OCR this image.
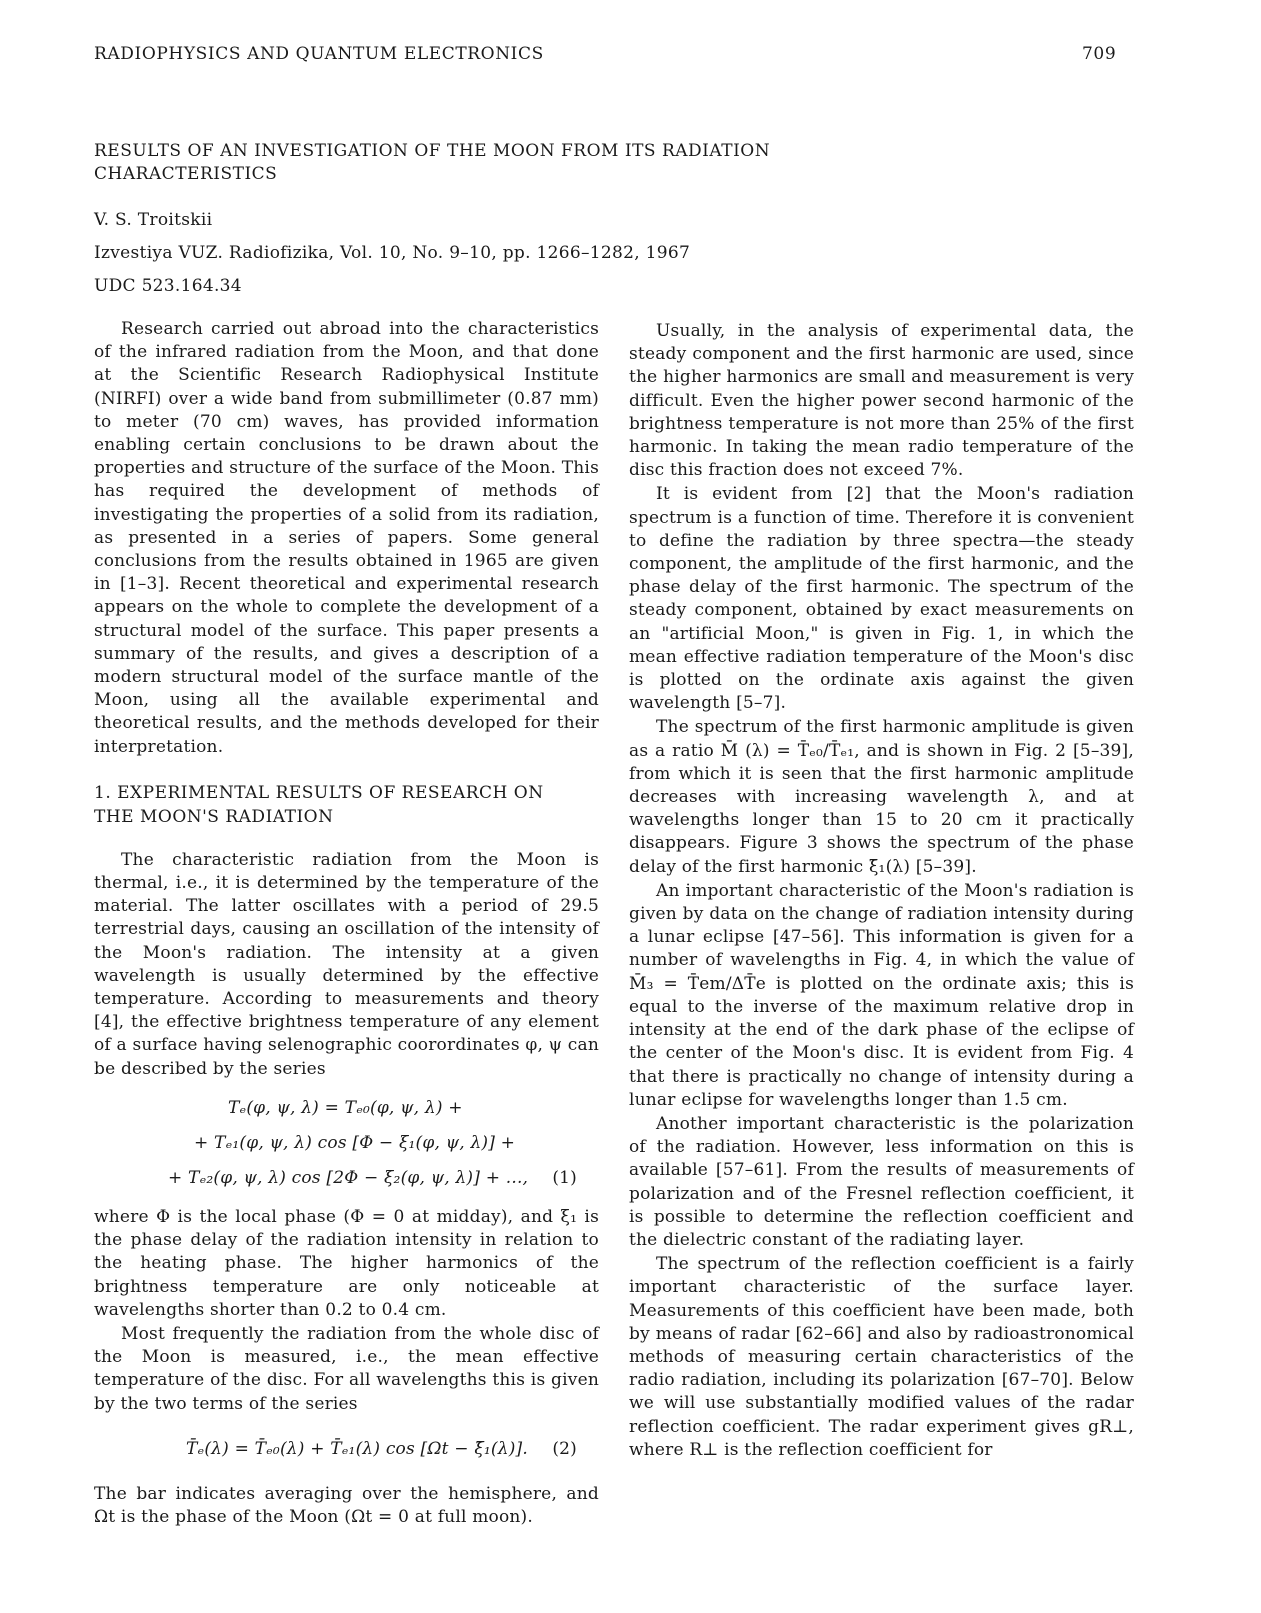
RADIOPHYSICS AND QUANTUM ELECTRONICS	709
RESULTS OF AN INVESTIGATION OF THE MOON FROM ITS RADIATION
CHARACTERISTICS
V. S. Troitskii
Izvestiya VUZ. Radiofizika, Vol. 10, No. 9–10, pp. 1266–1282, 1967
UDC 523.164.34

Research carried out abroad into the characteristics of the infrared radiation from the Moon, and that done at the Scientific Research Radiophysical Institute (NIRFI) over a wide band from submillimeter (0.87 mm) to meter (70 cm) waves, has provided information enabling certain conclusions to be drawn about the properties and structure of the surface of the Moon. This has required the development of methods of investigating the properties of a solid from its radiation, as presented in a series of papers. Some general conclusions from the results obtained in 1965 are given in [1–3]. Recent theoretical and experimental research appears on the whole to complete the development of a structural model of the surface. This paper presents a summary of the results, and gives a description of a modern structural model of the surface mantle of the Moon, using all the available experimental and theoretical results, and the methods developed for their interpretation.

1. EXPERIMENTAL RESULTS OF RESEARCH ON
THE MOON'S RADIATION

The characteristic radiation from the Moon is thermal, i.e., it is determined by the temperature of the material. The latter oscillates with a period of 29.5 terrestrial days, causing an oscillation of the intensity of the Moon's radiation. The intensity at a given wavelength is usually determined by the effective temperature. According to measurements and theory [4], the effective brightness temperature of any element of a surface having selenographic coorordinates φ, ψ can be described by the series

Tₑ(φ, ψ, λ) = Tₑ₀(φ, ψ, λ) +
+ Tₑ₁(φ, ψ, λ) cos [Φ − ξ₁(φ, ψ, λ)] +
+ Tₑ₂(φ, ψ, λ) cos [2Φ − ξ₂(φ, ψ, λ)] + ..., (1)

where Φ is the local phase (Φ = 0 at midday), and ξ₁ is the phase delay of the radiation intensity in relation to the heating phase. The higher harmonics of the brightness temperature are only noticeable at wavelengths shorter than 0.2 to 0.4 cm.

Most frequently the radiation from the whole disc of the Moon is measured, i.e., the mean effective temperature of the disc. For all wavelengths this is given by the two terms of the series

T̄ₑ(λ) = T̄ₑ₀(λ) + T̄ₑ₁(λ) cos [Ωt − ξ̄₁(λ)]. (2)

The bar indicates averaging over the hemisphere, and Ωt is the phase of the Moon (Ωt = 0 at full moon).

Usually, in the analysis of experimental data, the steady component and the first harmonic are used, since the higher harmonics are small and measurement is very difficult. Even the higher power second harmonic of the brightness temperature is not more than 25% of the first harmonic. In taking the mean radio temperature of the disc this fraction does not exceed 7%.

It is evident from [2] that the Moon's radiation spectrum is a function of time. Therefore it is convenient to define the radiation by three spectra—the steady component, the amplitude of the first harmonic, and the phase delay of the first harmonic. The spectrum of the steady component, obtained by exact measurements on an "artificial Moon," is given in Fig. 1, in which the mean effective radiation temperature of the Moon's disc is plotted on the ordinate axis against the given wavelength [5–7].

The spectrum of the first harmonic amplitude is given as a ratio M̄ (λ) = T̄ₑ₀/T̄ₑ₁, and is shown in Fig. 2 [5–39], from which it is seen that the first harmonic amplitude decreases with increasing wavelength λ, and at wavelengths longer than 15 to 20 cm it practically disappears. Figure 3 shows the spectrum of the phase delay of the first harmonic ξ̄₁(λ) [5–39].

An important characteristic of the Moon's radiation is given by data on the change of radiation intensity during a lunar eclipse [47–56]. This information is given for a number of wavelengths in Fig. 4, in which the value of M̄₃ = T̄em/ΔT̄e is plotted on the ordinate axis; this is equal to the inverse of the maximum relative drop in intensity at the end of the dark phase of the eclipse of the center of the Moon's disc. It is evident from Fig. 4 that there is practically no change of intensity during a lunar eclipse for wavelengths longer than 1.5 cm.

Another important characteristic is the polarization of the radiation. However, less information on this is available [57–61]. From the results of measurements of polarization and of the Fresnel reflection coefficient, it is possible to determine the reflection coefficient and the dielectric constant of the radiating layer.

The spectrum of the reflection coefficient is a fairly important characteristic of the surface layer. Measurements of this coefficient have been made, both by means of radar [62–66] and also by radioastronomical methods of measuring certain characteristics of the radio radiation, including its polarization [67–70]. Below we will use substantially modified values of the radar reflection coefficient. The radar experiment gives gR⊥, where R⊥ is the reflection coefficient for
